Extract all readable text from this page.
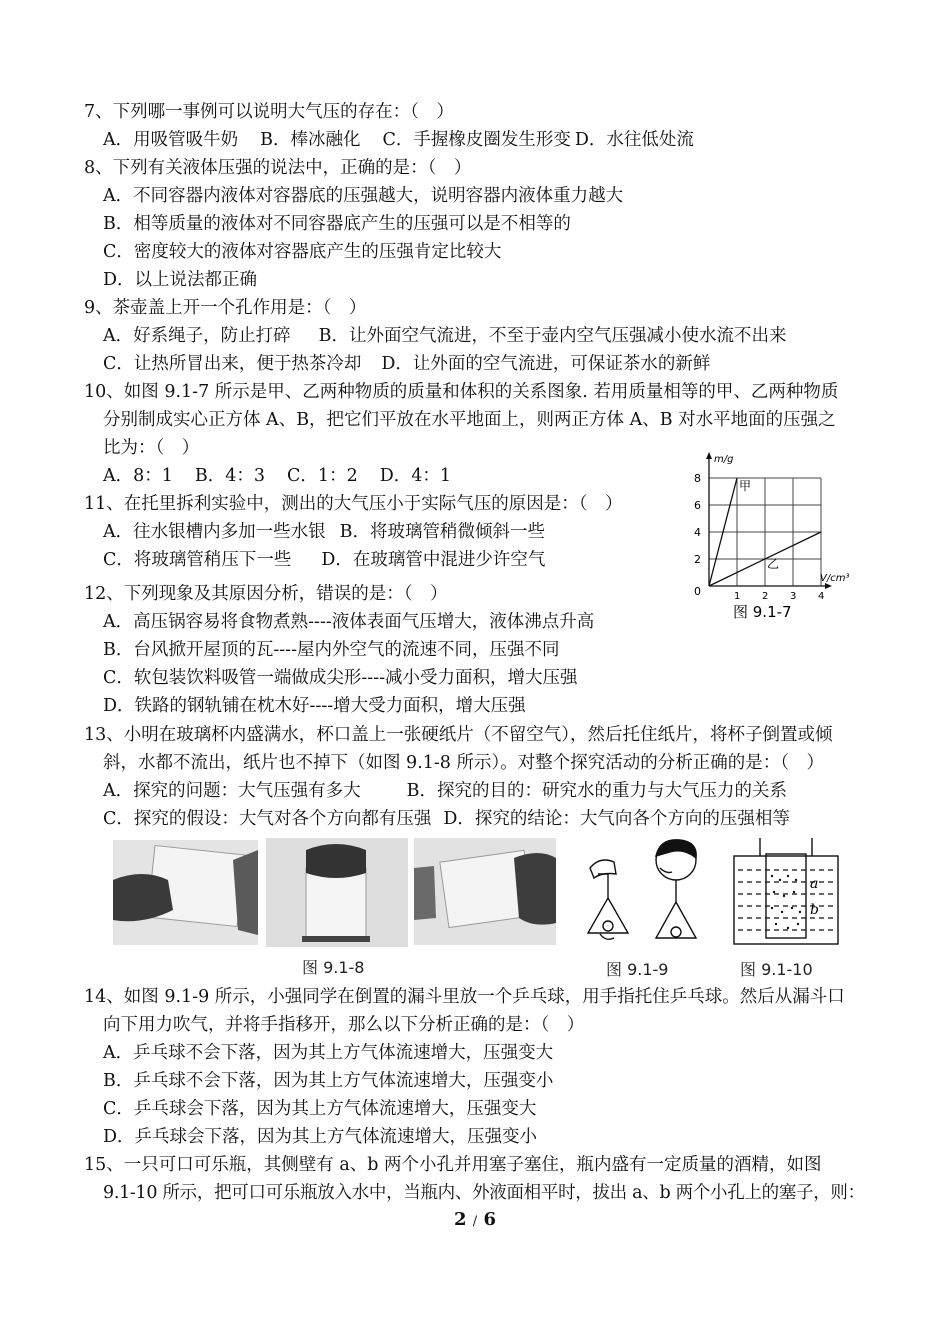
7、下列哪一事例可以说明大气压的存在：（　）
A．用吸管吸牛奶 B．棒冰融化 C．手握橡皮圈发生形变 D．水往低处流
8、下列有关液体压强的说法中，正确的是：（　）
A．不同容器内液体对容器底的压强越大，说明容器内液体重力越大
B．相等质量的液体对不同容器底产生的压强可以是不相等的
C．密度较大的液体对容器底产生的压强肯定比较大
D．以上说法都正确
9、茶壶盖上开一个孔作用是：（　）
A．好系绳子，防止打碎 B．让外面空气流进，不至于壶内空气压强减小使水流不出来
C．让热所冒出来，便于热茶冷却 D．让外面的空气流进，可保证茶水的新鲜
10、如图 9.1-7 所示是甲、乙两种物质的质量和体积的关系图象. 若用质量相等的甲、乙两种物质
分别制成实心正方体 A、B，把它们平放在水平地面上，则两正方体 A、B 对水平地面的压强之
比为：（　）
A．8：1 B．4：3 C．1：2 D．4：1
11、在托里拆利实验中，测出的大气压小于实际气压的原因是：（　）
A．往水银槽内多加一些水银 B．将玻璃管稍微倾斜一些
C．将玻璃管稍压下一些 D．在玻璃管中混进少许空气
m/g
V/cm³
8
6
4
2
0	1 2 3 4
甲
乙
图 9.1-7
12、下列现象及其原因分析，错误的是：（　）
A．高压锅容易将食物煮熟----液体表面气压增大，液体沸点升高
B．台风掀开屋顶的瓦----屋内外空气的流速不同，压强不同
C．软包装饮料吸管一端做成尖形----减小受力面积，增大压强
D．铁路的钢轨铺在枕木好----增大受力面积，增大压强
13、小明在玻璃杯内盛满水，杯口盖上一张硬纸片（不留空气），然后托住纸片，将杯子倒置或倾
斜，水都不流出，纸片也不掉下（如图 9.1-8 所示）。对整个探究活动的分析正确的是：（　）
A．探究的问题：大气压强有多大	B．探究的目的：研究水的重力与大气压力的关系
C．探究的假设：大气对各个方向都有压强 D．探究的结论：大气向各个方向的压强相等
a
b
图 9.1-8	图 9.1-9	图 9.1-10
14、如图 9.1-9 所示，小强同学在倒置的漏斗里放一个乒乓球，用手指托住乒乓球。然后从漏斗口
向下用力吹气，并将手指移开，那么以下分析正确的是：（　）
A．乒乓球不会下落，因为其上方气体流速增大，压强变大
B．乒乓球不会下落，因为其上方气体流速增大，压强变小
C．乒乓球会下落，因为其上方气体流速增大，压强变大
D．乒乓球会下落，因为其上方气体流速增大，压强变小
15、一只可口可乐瓶，其侧壁有 a、b 两个小孔并用塞子塞住，瓶内盛有一定质量的酒精，如图
9.1-10 所示，把可口可乐瓶放入水中，当瓶内、外液面相平时，拔出 a、b 两个小孔上的塞子，则：
2 / 6
